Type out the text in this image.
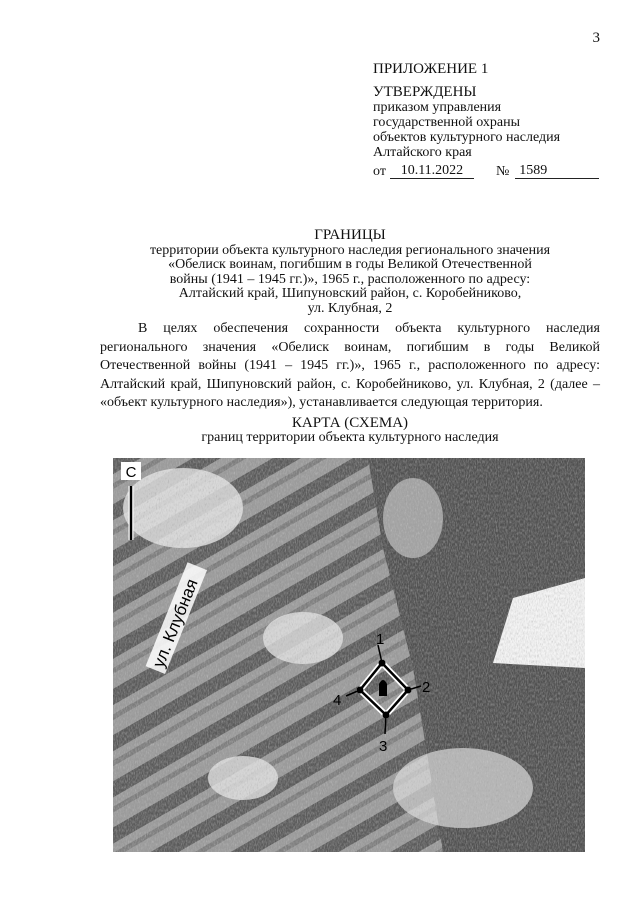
3
ПРИЛОЖЕНИЕ 1
УТВЕРЖДЕНЫ
приказом управления
государственной охраны
объектов культурного наследия
Алтайского края
от	10.11.2022	№ 1589
ГРАНИЦЫ
территории объекта культурного наследия регионального значения
«Обелиск воинам, погибшим в годы Великой Отечественной
войны (1941 – 1945 гг.)», 1965 г., расположенного по адресу:
Алтайский край, Шипуновский район, с. Коробейниково,
ул. Клубная, 2
В целях обеспечения сохранности объекта культурного наследия регионального значения «Обелиск воинам, погибшим в годы Великой Отечественной войны (1941 – 1945 гг.)», 1965 г., расположенного по адресу: Алтайский край, Шипуновский район, с. Коробейниково, ул. Клубная, 2 (далее – «объект культурного наследия»), устанавливается следующая территория.
КАРТА (СХЕМА)
границ территории объекта культурного наследия
С
ул. Клубная	1
2
3
4
